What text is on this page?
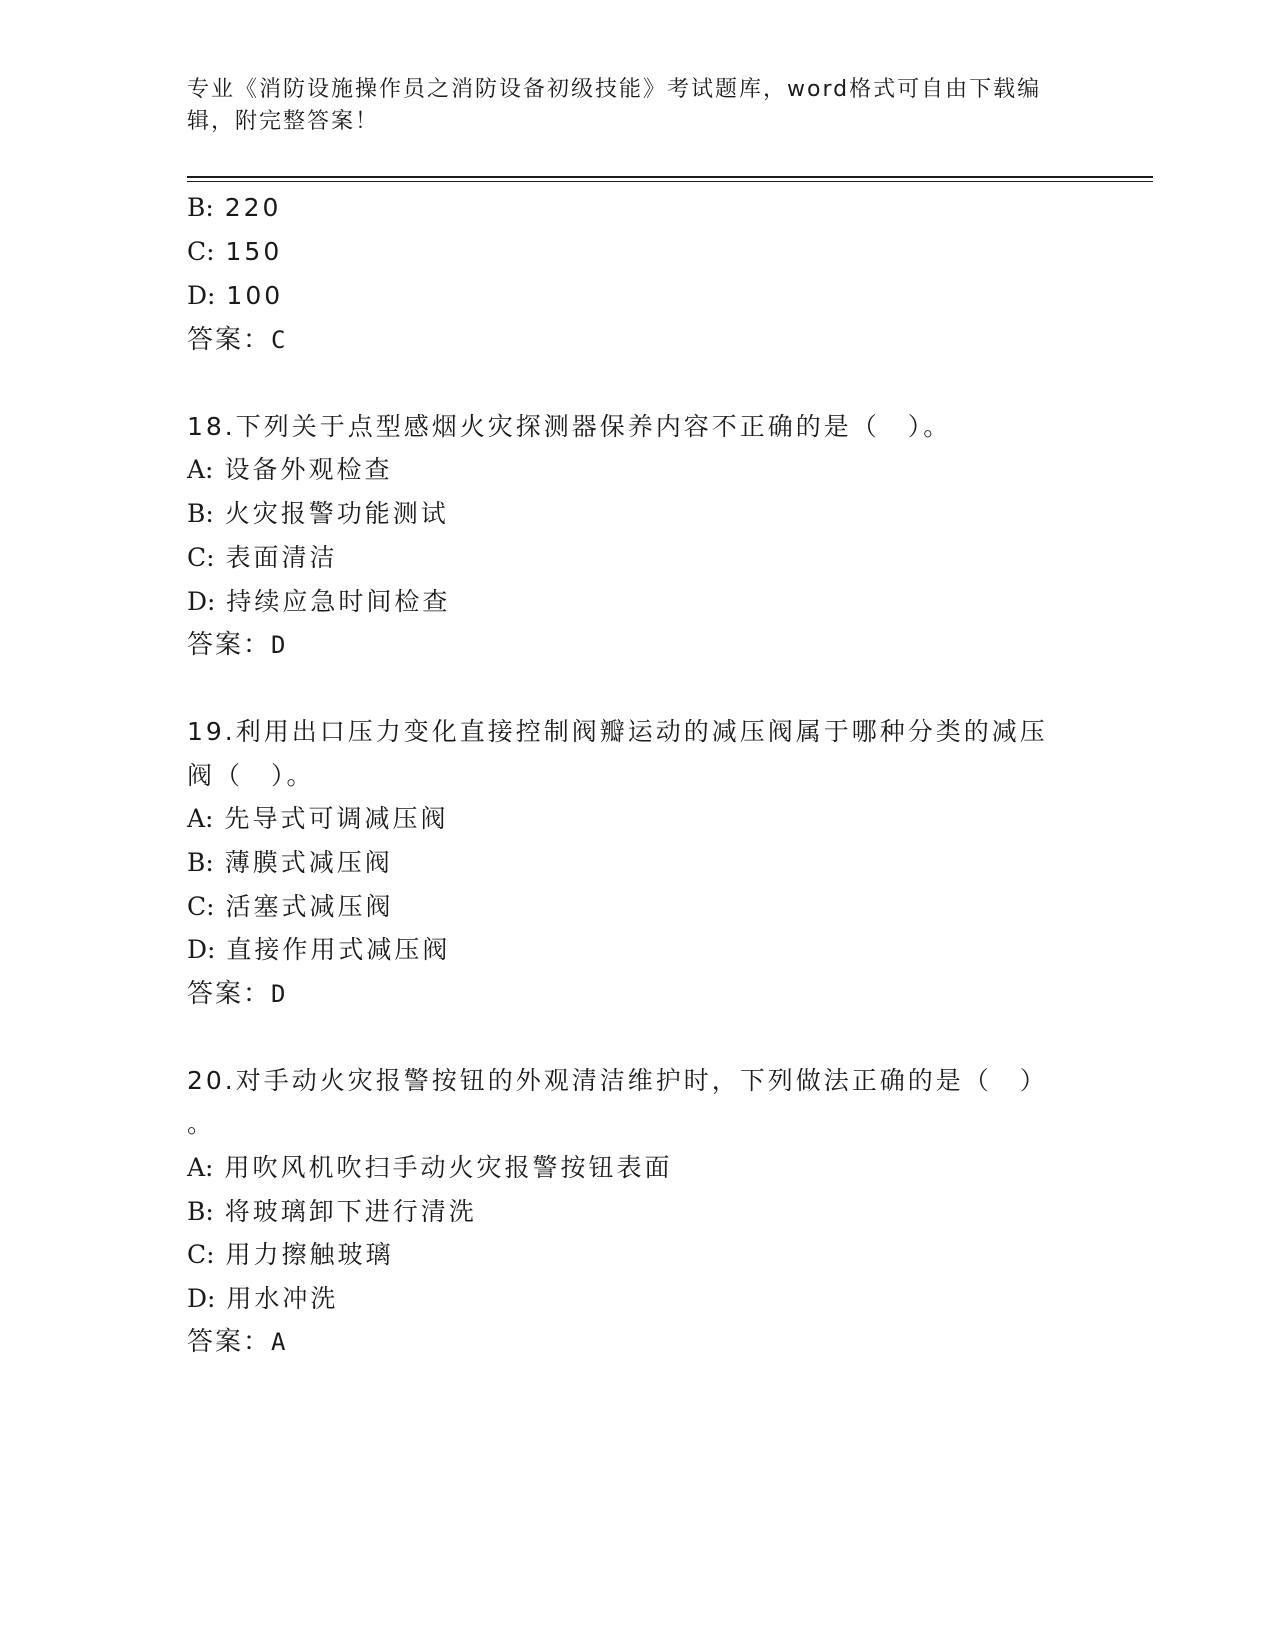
专业《消防设施操作员之消防设备初级技能》考试题库，word格式可自由下载编
辑，附完整答案！
B: 220
C: 150
D: 100
答案：C
18.下列关于点型感烟火灾探测器保养内容不正确的是（　）。
A: 设备外观检查
B: 火灾报警功能测试
C: 表面清洁
D: 持续应急时间检查
答案：D
19.利用出口压力变化直接控制阀瓣运动的减压阀属于哪种分类的减压
阀（　）。
A: 先导式可调减压阀
B: 薄膜式减压阀
C: 活塞式减压阀
D: 直接作用式减压阀
答案：D
20.对手动火灾报警按钮的外观清洁维护时，下列做法正确的是（　）
。
A: 用吹风机吹扫手动火灾报警按钮表面
B: 将玻璃卸下进行清洗
C: 用力擦触玻璃
D: 用水冲洗
答案：A
